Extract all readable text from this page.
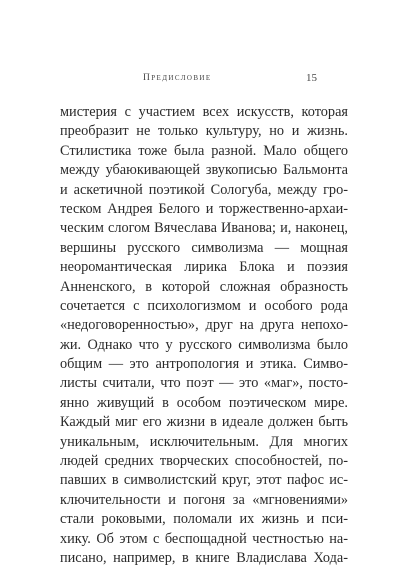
Предисловие	15
мистерия с участием всех искусств, которая
преобразит не только культуру, но и жизнь.
Стилистика тоже была разной. Мало общего
между убаюкивающей звукописью Бальмонта
и аскетичной поэтикой Сологуба, между гро-
теском Андрея Белого и торжественно-архаи-
ческим слогом Вячеслава Иванова; и, наконец,
вершины русского символизма — мощная
неоромантическая лирика Блока и поэзия
Анненского, в которой сложная образность
сочетается с психологизмом и особого рода
«недоговоренностью», друг на друга непохо-
жи. Однако что у русского символизма было
общим — это антропология и этика. Симво-
листы считали, что поэт — это «маг», посто-
янно живущий в особом поэтическом мире.
Каждый миг его жизни в идеале должен быть
уникальным, исключительным. Для многих
людей средних творческих способностей, по-
павших в символистский круг, этот пафос ис-
ключительности и погоня за «мгновениями»
стали роковыми, поломали их жизнь и пси-
хику. Об этом с беспощадной честностью на-
писано, например, в книге Владислава Хода-
